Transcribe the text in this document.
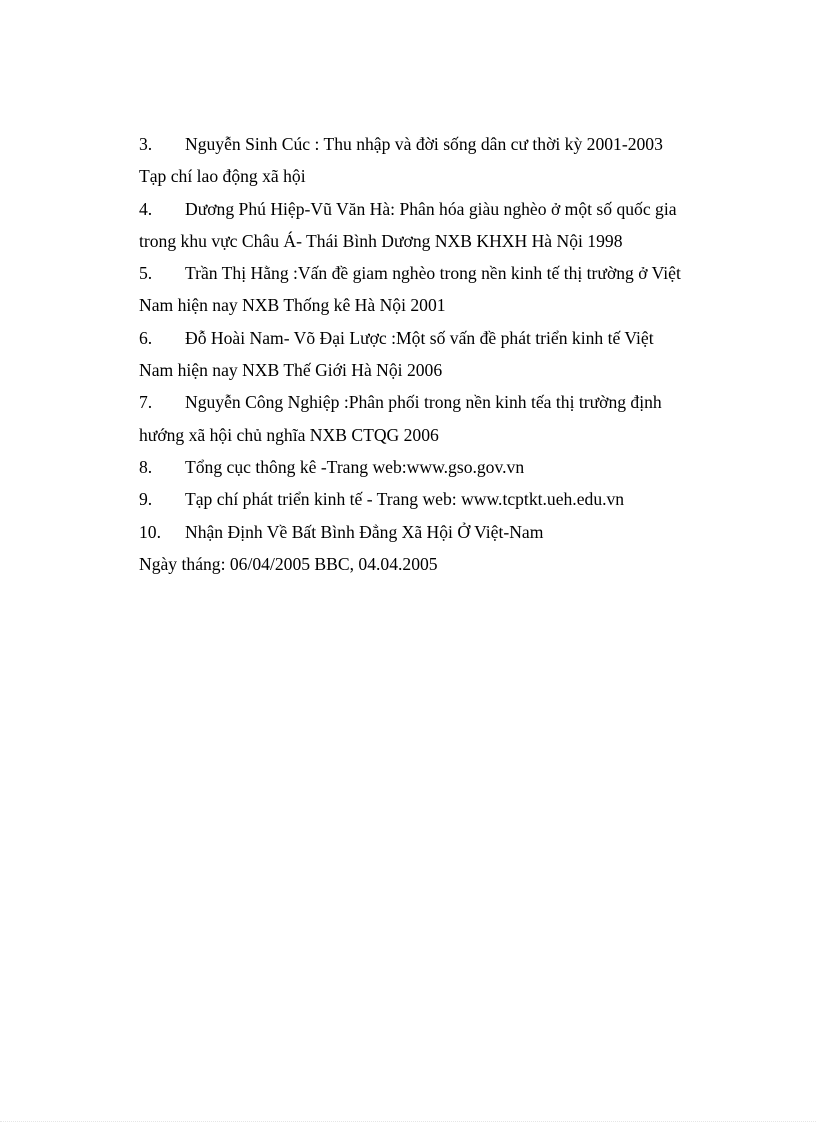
3. Nguyễn Sinh Cúc : Thu nhập và đời sống dân cư thời kỳ 2001-2003
Tạp chí lao động xã hội
4. Dương Phú Hiệp-Vũ Văn Hà: Phân hóa giàu nghèo ở một số quốc gia
trong khu vực Châu Á- Thái Bình Dương NXB KHXH Hà Nội 1998
5. Trần Thị Hằng :Vấn đề giam nghèo trong nền kinh tế thị trường ở Việt
Nam hiện nay NXB Thống kê Hà Nội 2001
6. Đỗ Hoài Nam- Võ Đại Lược :Một số vấn đề phát triển kinh tế Việt
Nam hiện nay NXB Thế Giới Hà Nội 2006
7. Nguyễn Công Nghiệp :Phân phối trong nền kinh tếa thị trường định
hướng xã hội chủ nghĩa NXB CTQG 2006
8. Tổng cục thông kê -Trang web:www.gso.gov.vn
9. Tạp chí phát triển kinh tế - Trang web: www.tcptkt.ueh.edu.vn
10. Nhận Định Về Bất Bình Đẳng Xã Hội Ở Việt-Nam
Ngày tháng: 06/04/2005 BBC, 04.04.2005
